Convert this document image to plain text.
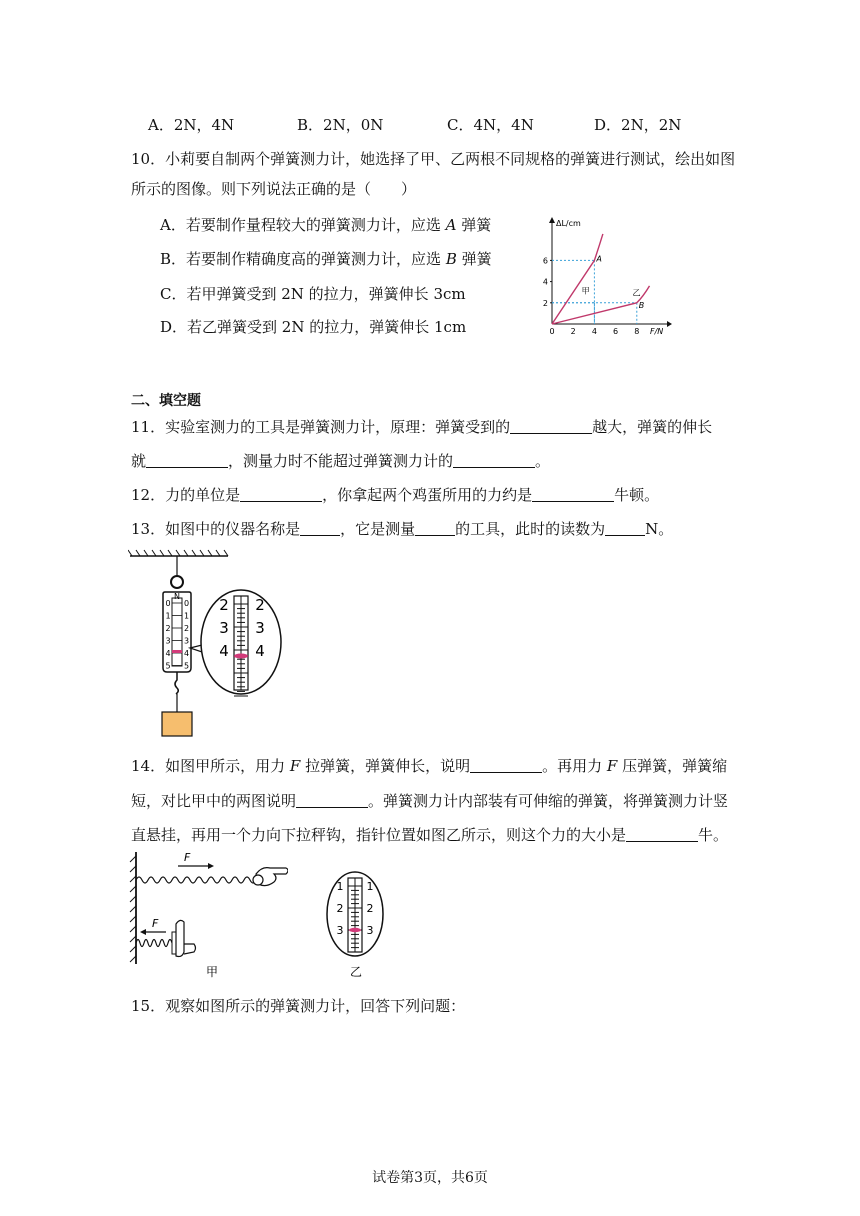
A．2N，4N	B．2N，0N	C．4N，4N	D．2N，2N
10．小莉要自制两个弹簧测力计，她选择了甲、乙两根不同规格的弹簧进行测试，绘出如图
所示的图像。则下列说法正确的是（　　）
A．若要制作量程较大的弹簧测力计，应选 A 弹簧
B．若要制作精确度高的弹簧测力计，应选 B 弹簧
C．若甲弹簧受到 2N 的拉力，弹簧伸长 3cm
D．若乙弹簧受到 2N 的拉力，弹簧伸长 1cm
ΔL/cm
F/N
0 2 4 6 8
2
4
6	A
甲
B
乙
二、填空题
11．实验室测力的工具是弹簧测力计，原理：弹簧受到的	越大，弹簧的伸长
就	，测量力时不能超过弹簧测力计的	。
12．力的单位是	，你拿起两个鸡蛋所用的力约是	牛顿。
13．如图中的仪器名称是	，它是测量	的工具，此时的读数为	N。
N
0 0
1 1
2 2
3 3
4 4
5 5
2 2
3 3
4 4
14．如图甲所示，用力 F 拉弹簧，弹簧伸长，说明	。再用力 F 压弹簧，弹簧缩
短，对比甲中的两图说明	。弹簧测力计内部装有可伸缩的弹簧，将弹簧测力计竖
直悬挂，再用一个力向下拉秤钩，指针位置如图乙所示，则这个力的大小是	牛。
F
F
甲
1 1
2 2
3 3
乙
15．观察如图所示的弹簧测力计，回答下列问题：
试卷第3页，共6页
